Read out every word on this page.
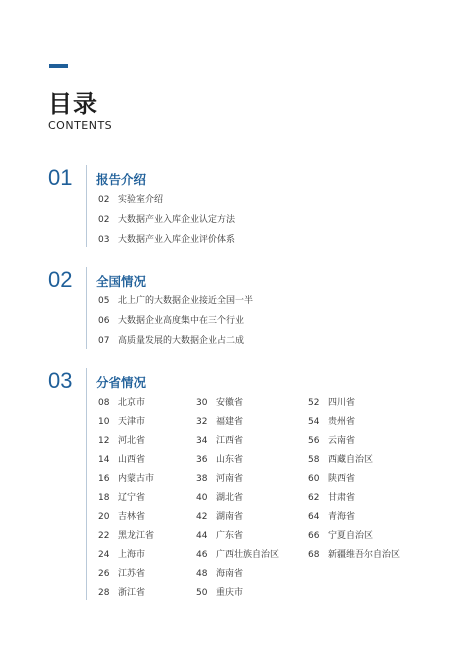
目录
CONTENTS
01 报告介绍
02 实验室介绍
02 大数据产业入库企业认定方法
03 大数据产业入库企业评价体系
02 全国情况
05 北上广的大数据企业接近全国一半
06 大数据企业高度集中在三个行业
07 高质量发展的大数据企业占二成
03 分省情况
08 北京市
10 天津市
12 河北省
14 山西省
16 内蒙古市
18 辽宁省
20 吉林省
22 黑龙江省
24 上海市
26 江苏省
28 浙江省
30 安徽省
32 福建省
34 江西省
36 山东省
38 河南省
40 湖北省
42 湖南省
44 广东省
46 广西壮族自治区
48 海南省
50 重庆市
52 四川省
54 贵州省
56 云南省
58 西藏自治区
60 陕西省
62 甘肃省
64 青海省
66 宁夏自治区
68 新疆维吾尔自治区
